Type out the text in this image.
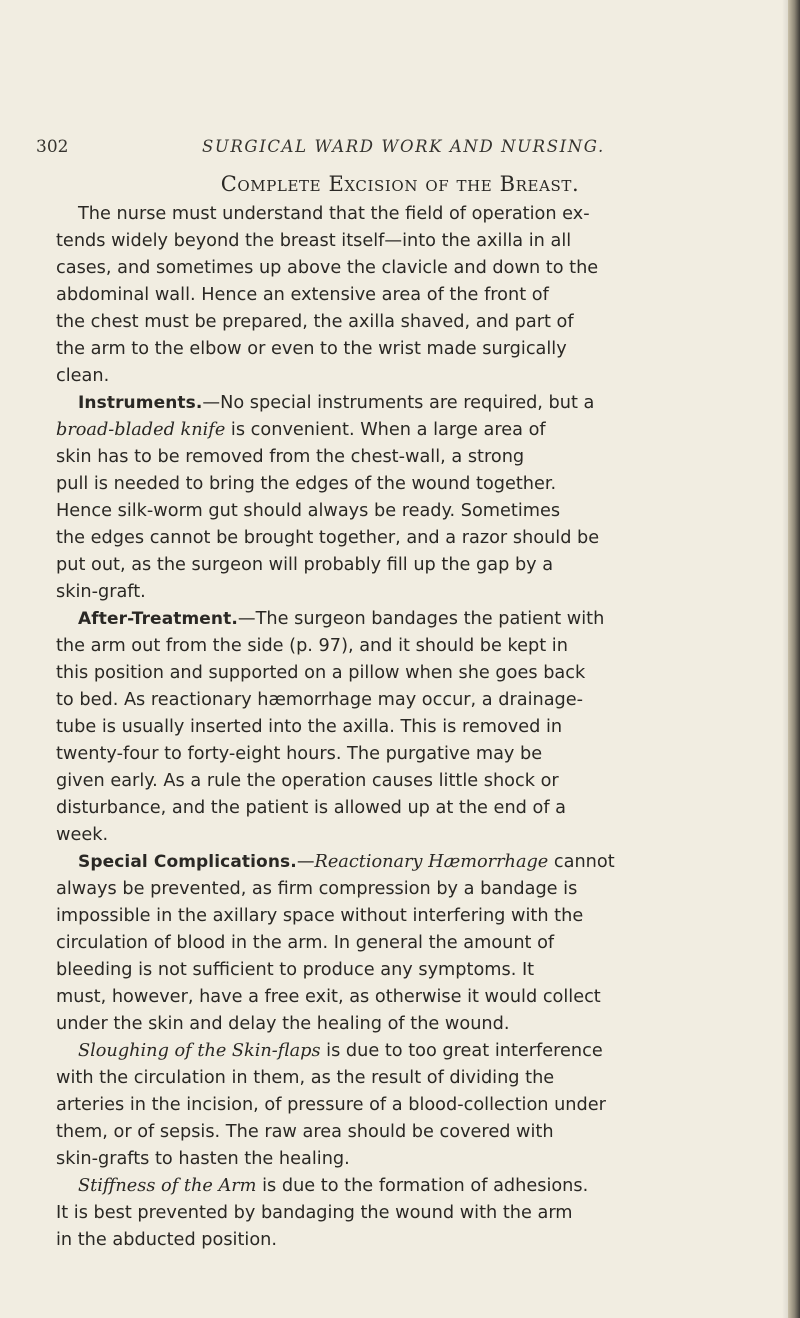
302	SURGICAL WARD WORK AND NURSING.
Complete Excision of the Breast.
The nurse must understand that the field of operation ex-
tends widely beyond the breast itself—into the axilla in all
cases, and sometimes up above the clavicle and down to the
abdominal wall. Hence an extensive area of the front of
the chest must be prepared, the axilla shaved, and part of
the arm to the elbow or even to the wrist made surgically
clean.
Instruments.—No special instruments are required, but a
broad-bladed knife is convenient. When a large area of
skin has to be removed from the chest-wall, a strong
pull is needed to bring the edges of the wound together.
Hence silk-worm gut should always be ready. Sometimes
the edges cannot be brought together, and a razor should be
put out, as the surgeon will probably fill up the gap by a
skin-graft.
After-Treatment.—The surgeon bandages the patient with
the arm out from the side (p. 97), and it should be kept in
this position and supported on a pillow when she goes back
to bed. As reactionary hæmorrhage may occur, a drainage-
tube is usually inserted into the axilla. This is removed in
twenty-four to forty-eight hours. The purgative may be
given early. As a rule the operation causes little shock or
disturbance, and the patient is allowed up at the end of a
week.
Special Complications.—Reactionary Hæmorrhage cannot
always be prevented, as firm compression by a bandage is
impossible in the axillary space without interfering with the
circulation of blood in the arm. In general the amount of
bleeding is not sufficient to produce any symptoms. It
must, however, have a free exit, as otherwise it would collect
under the skin and delay the healing of the wound.
Sloughing of the Skin-flaps is due to too great interference
with the circulation in them, as the result of dividing the
arteries in the incision, of pressure of a blood-collection under
them, or of sepsis. The raw area should be covered with
skin-grafts to hasten the healing.
Stiffness of the Arm is due to the formation of adhesions.
It is best prevented by bandaging the wound with the arm
in the abducted position.
